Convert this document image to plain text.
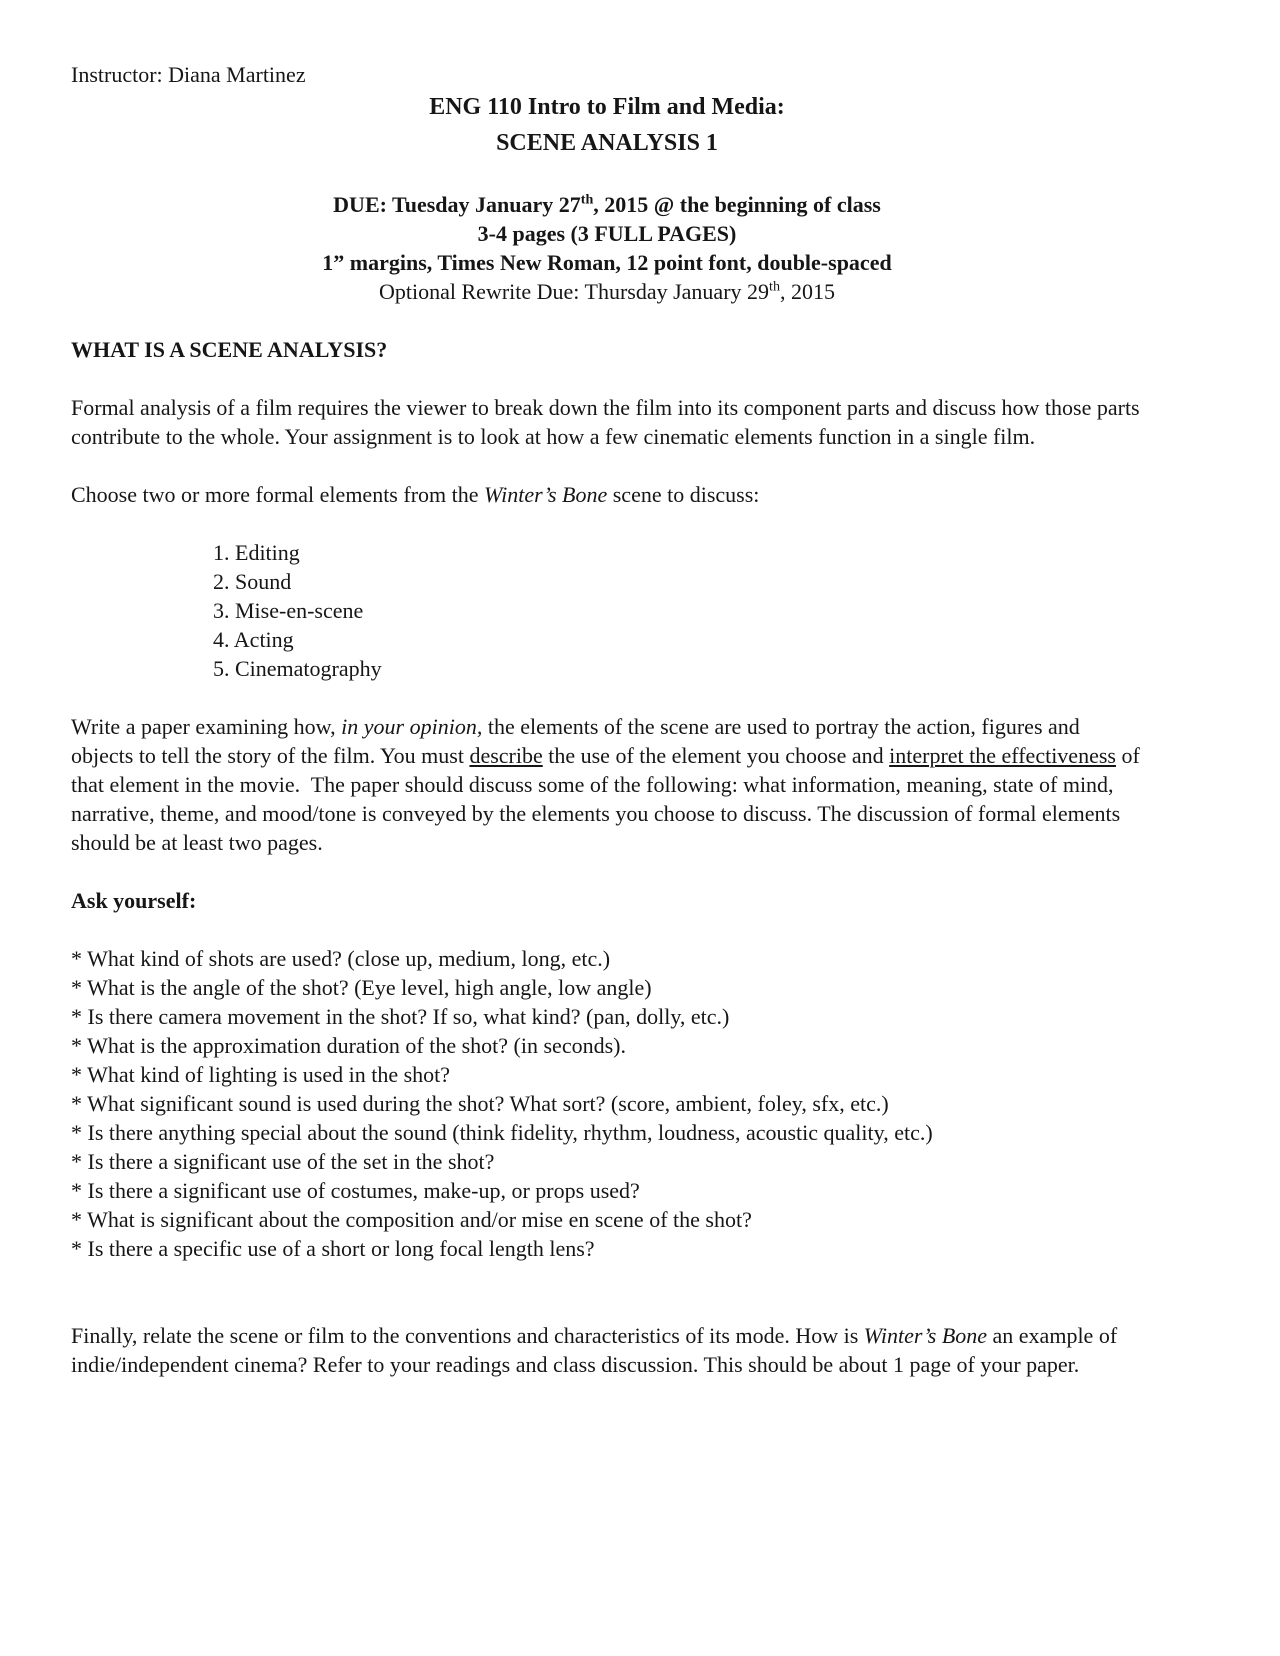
Instructor: Diana Martinez
ENG 110 Intro to Film and Media:
SCENE ANALYSIS 1
DUE: Tuesday January 27th, 2015 @ the beginning of class
3-4 pages (3 FULL PAGES)
1” margins, Times New Roman, 12 point font, double-spaced
Optional Rewrite Due: Thursday January 29th, 2015
WHAT IS A SCENE ANALYSIS?

Formal analysis of a film requires the viewer to break down the film into its component parts and discuss how those parts contribute to the whole. Your assignment is to look at how a few cinematic elements function in a single film.

Choose two or more formal elements from the Winter’s Bone scene to discuss:

1. Editing
2. Sound
3. Mise-en-scene
4. Acting
5. Cinematography

Write a paper examining how, in your opinion, the elements of the scene are used to portray the action, figures and objects to tell the story of the film. You must describe the use of the element you choose and interpret the effectiveness of that element in the movie.  The paper should discuss some of the following: what information, meaning, state of mind, narrative, theme, and mood/tone is conveyed by the elements you choose to discuss. The discussion of formal elements should be at least two pages.

Ask yourself:
* What kind of shots are used? (close up, medium, long, etc.)
* What is the angle of the shot? (Eye level, high angle, low angle)
* Is there camera movement in the shot? If so, what kind? (pan, dolly, etc.)
* What is the approximation duration of the shot? (in seconds).
* What kind of lighting is used in the shot?
* What significant sound is used during the shot? What sort? (score, ambient, foley, sfx, etc.)
* Is there anything special about the sound (think fidelity, rhythm, loudness, acoustic quality, etc.)
* Is there a significant use of the set in the shot?
* Is there a significant use of costumes, make-up, or props used?
* What is significant about the composition and/or mise en scene of the shot?
* Is there a specific use of a short or long focal length lens?

Finally, relate the scene or film to the conventions and characteristics of its mode. How is Winter’s Bone an example of indie/independent cinema? Refer to your readings and class discussion. This should be about 1 page of your paper.
